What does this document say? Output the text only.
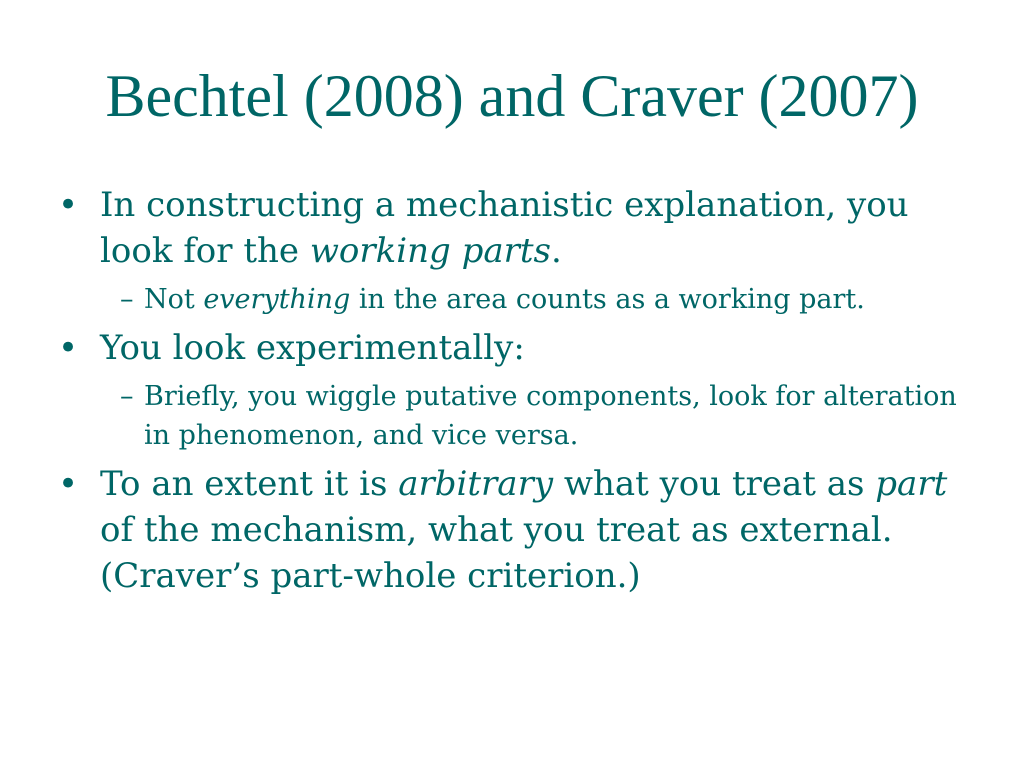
Bechtel (2008) and Craver (2007)
• In constructing a mechanistic explanation, you look for the working parts.
– Not everything in the area counts as a working part.
• You look experimentally:
– Briefly, you wiggle putative components, look for alteration in phenomenon, and vice versa.
• To an extent it is arbitrary what you treat as part of the mechanism, what you treat as external. (Craver’s part-whole criterion.)
